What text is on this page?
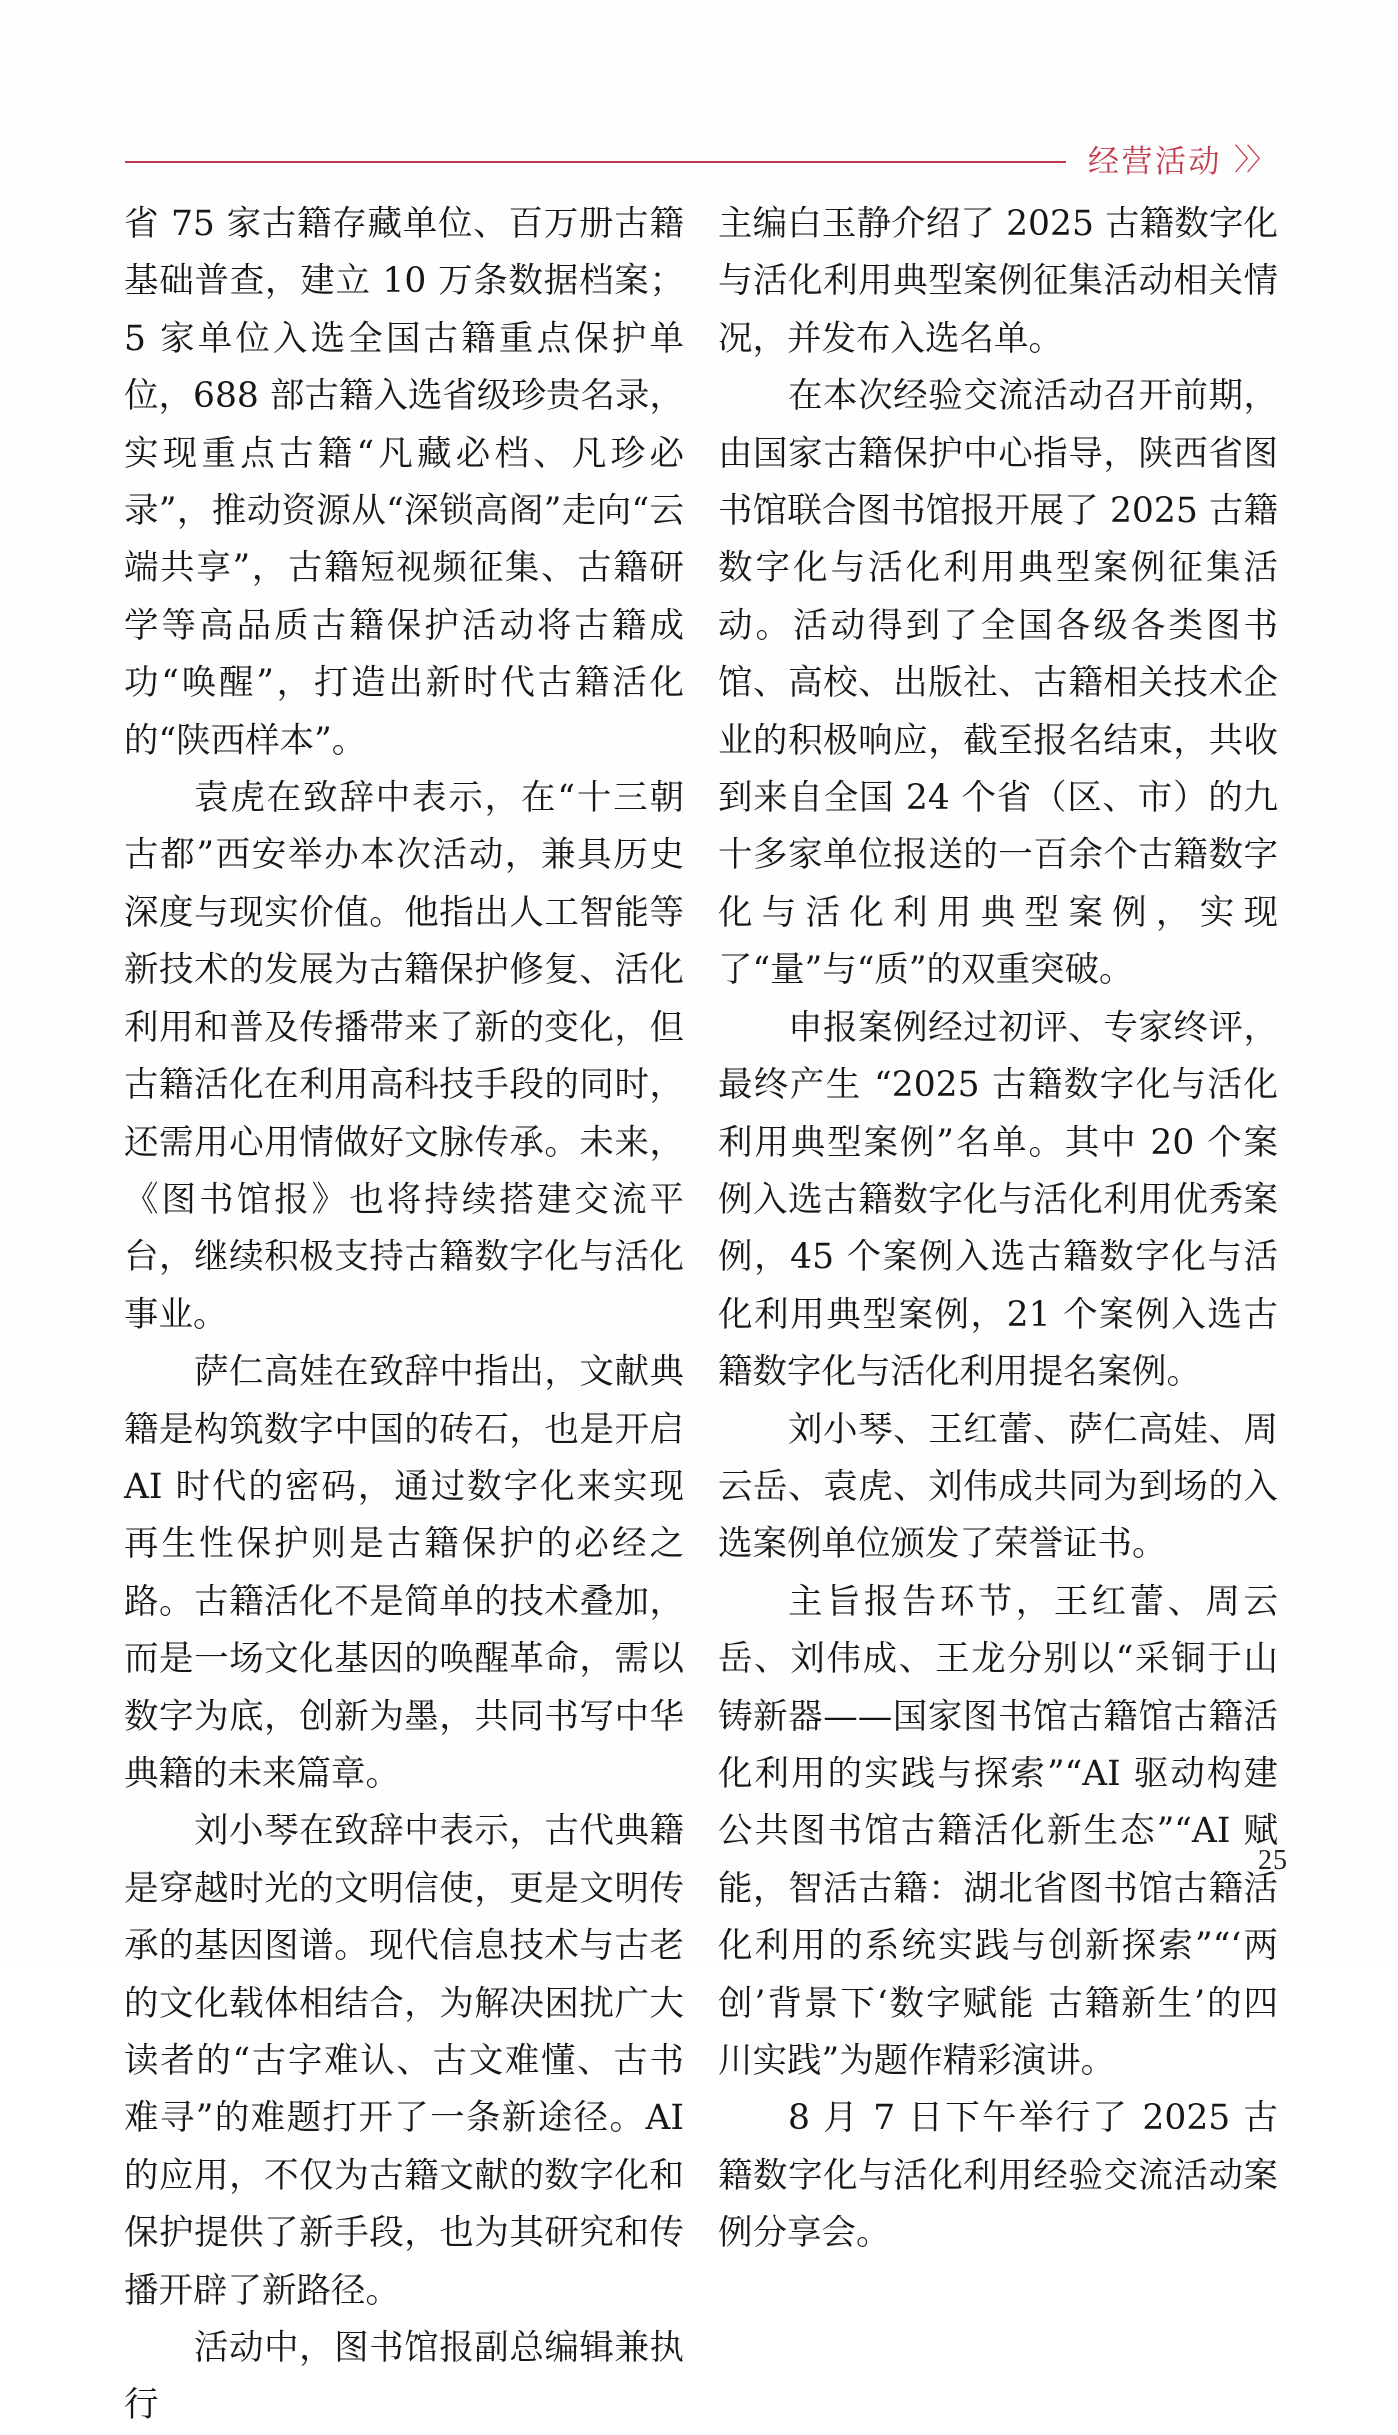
经营活动 〉〉

省 75 家古籍存藏单位、百万册古籍基础普查，建立 10 万条数据档案；5 家单位入选全国古籍重点保护单位，688 部古籍入选省级珍贵名录，实现重点古籍“凡藏必档、凡珍必录”，推动资源从“深锁高阁”走向“云端共享”，古籍短视频征集、古籍研学等高品质古籍保护活动将古籍成功“唤醒”，打造出新时代古籍活化的“陕西样本”。

袁虎在致辞中表示，在“十三朝古都”西安举办本次活动，兼具历史深度与现实价值。他指出人工智能等新技术的发展为古籍保护修复、活化利用和普及传播带来了新的变化，但古籍活化在利用高科技手段的同时，还需用心用情做好文脉传承。未来，《图书馆报》也将持续搭建交流平台，继续积极支持古籍数字化与活化事业。

萨仁高娃在致辞中指出，文献典籍是构筑数字中国的砖石，也是开启 AI 时代的密码，通过数字化来实现再生性保护则是古籍保护的必经之路。古籍活化不是简单的技术叠加，而是一场文化基因的唤醒革命，需以数字为底，创新为墨，共同书写中华典籍的未来篇章。

刘小琴在致辞中表示，古代典籍是穿越时光的文明信使，更是文明传承的基因图谱。现代信息技术与古老的文化载体相结合，为解决困扰广大读者的“古字难认、古文难懂、古书难寻”的难题打开了一条新途径。AI 的应用，不仅为古籍文献的数字化和保护提供了新手段，也为其研究和传播开辟了新路径。

活动中，图书馆报副总编辑兼执行

主编白玉静介绍了 2025 古籍数字化与活化利用典型案例征集活动相关情况，并发布入选名单。

在本次经验交流活动召开前期，由国家古籍保护中心指导，陕西省图书馆联合图书馆报开展了 2025 古籍数字化与活化利用典型案例征集活动。活动得到了全国各级各类图书馆、高校、出版社、古籍相关技术企业的积极响应，截至报名结束，共收到来自全国 24 个省（区、市）的九十多家单位报送的一百余个古籍数字化与活化利用典型案例，实现了“量”与“质”的双重突破。

申报案例经过初评、专家终评，最终产生 “2025 古籍数字化与活化利用典型案例”名单。其中 20 个案例入选古籍数字化与活化利用优秀案例，45 个案例入选古籍数字化与活化利用典型案例，21 个案例入选古籍数字化与活化利用提名案例。

刘小琴、王红蕾、萨仁高娃、周云岳、袁虎、刘伟成共同为到场的入选案例单位颁发了荣誉证书。

主旨报告环节，王红蕾、周云岳、刘伟成、王龙分别以“采铜于山铸新器——国家图书馆古籍馆古籍活化利用的实践与探索”“AI 驱动构建公共图书馆古籍活化新生态”“AI 赋能，智活古籍：湖北省图书馆古籍活化利用的系统实践与创新探索”“‘两创’背景下‘数字赋能 古籍新生’的四川实践”为题作精彩演讲。

8 月 7 日下午举行了 2025 古籍数字化与活化利用经验交流活动案例分享会。

25
